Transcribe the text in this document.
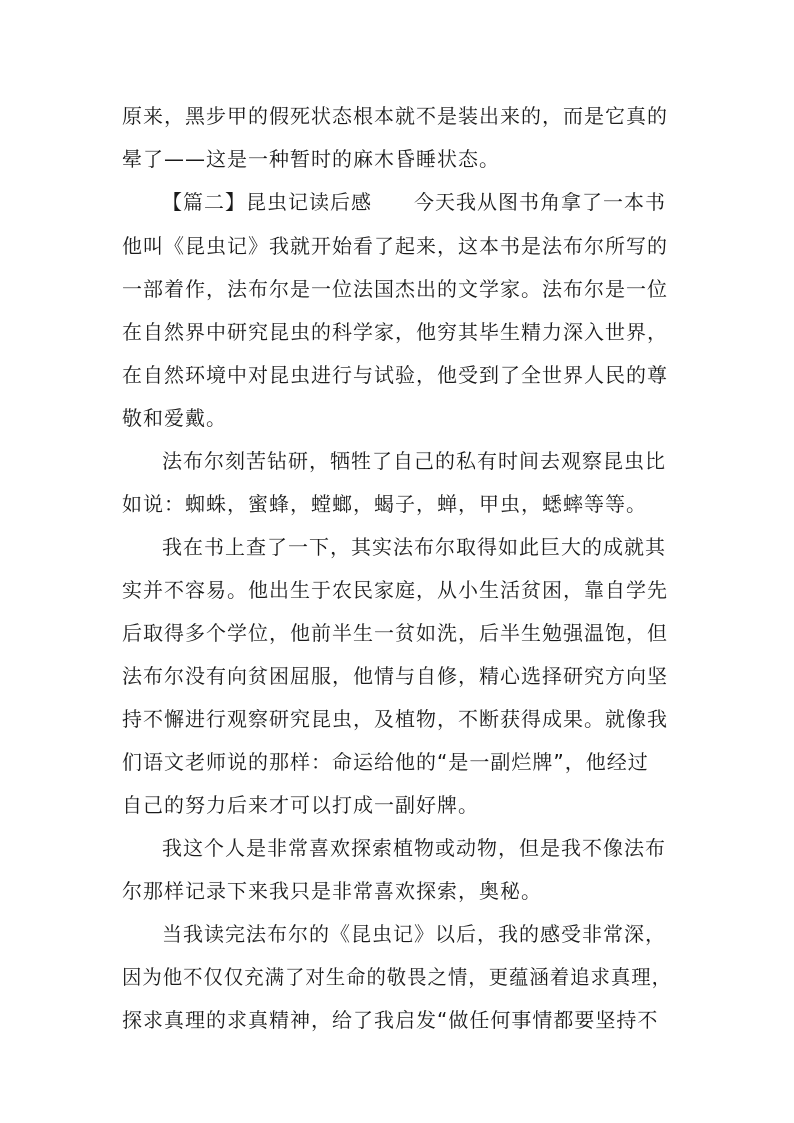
原来，黑步甲的假死状态根本就不是装出来的，而是它真的
晕了——这是一种暂时的麻木昏睡状态。
【篇二】昆虫记读后感　　今天我从图书角拿了一本书
他叫《昆虫记》我就开始看了起来，这本书是法布尔所写的
一部着作，法布尔是一位法国杰出的文学家。法布尔是一位
在自然界中研究昆虫的科学家，他穷其毕生精力深入世界，
在自然环境中对昆虫进行与试验，他受到了全世界人民的尊
敬和爱戴。
法布尔刻苦钻研，牺牲了自己的私有时间去观察昆虫比
如说：蜘蛛，蜜蜂，螳螂，蝎子，蝉，甲虫，蟋蟀等等。
我在书上查了一下，其实法布尔取得如此巨大的成就其
实并不容易。他出生于农民家庭，从小生活贫困，靠自学先
后取得多个学位，他前半生一贫如洗，后半生勉强温饱，但
法布尔没有向贫困屈服，他情与自修，精心选择研究方向坚
持不懈进行观察研究昆虫，及植物，不断获得成果。就像我
们语文老师说的那样：命运给他的“是一副烂牌”，他经过
自己的努力后来才可以打成一副好牌。
我这个人是非常喜欢探索植物或动物，但是我不像法布
尔那样记录下来我只是非常喜欢探索，奥秘。
当我读完法布尔的《昆虫记》以后，我的感受非常深，
因为他不仅仅充满了对生命的敬畏之情，更蕴涵着追求真理，
探求真理的求真精神，给了我启发“做任何事情都要坚持不
